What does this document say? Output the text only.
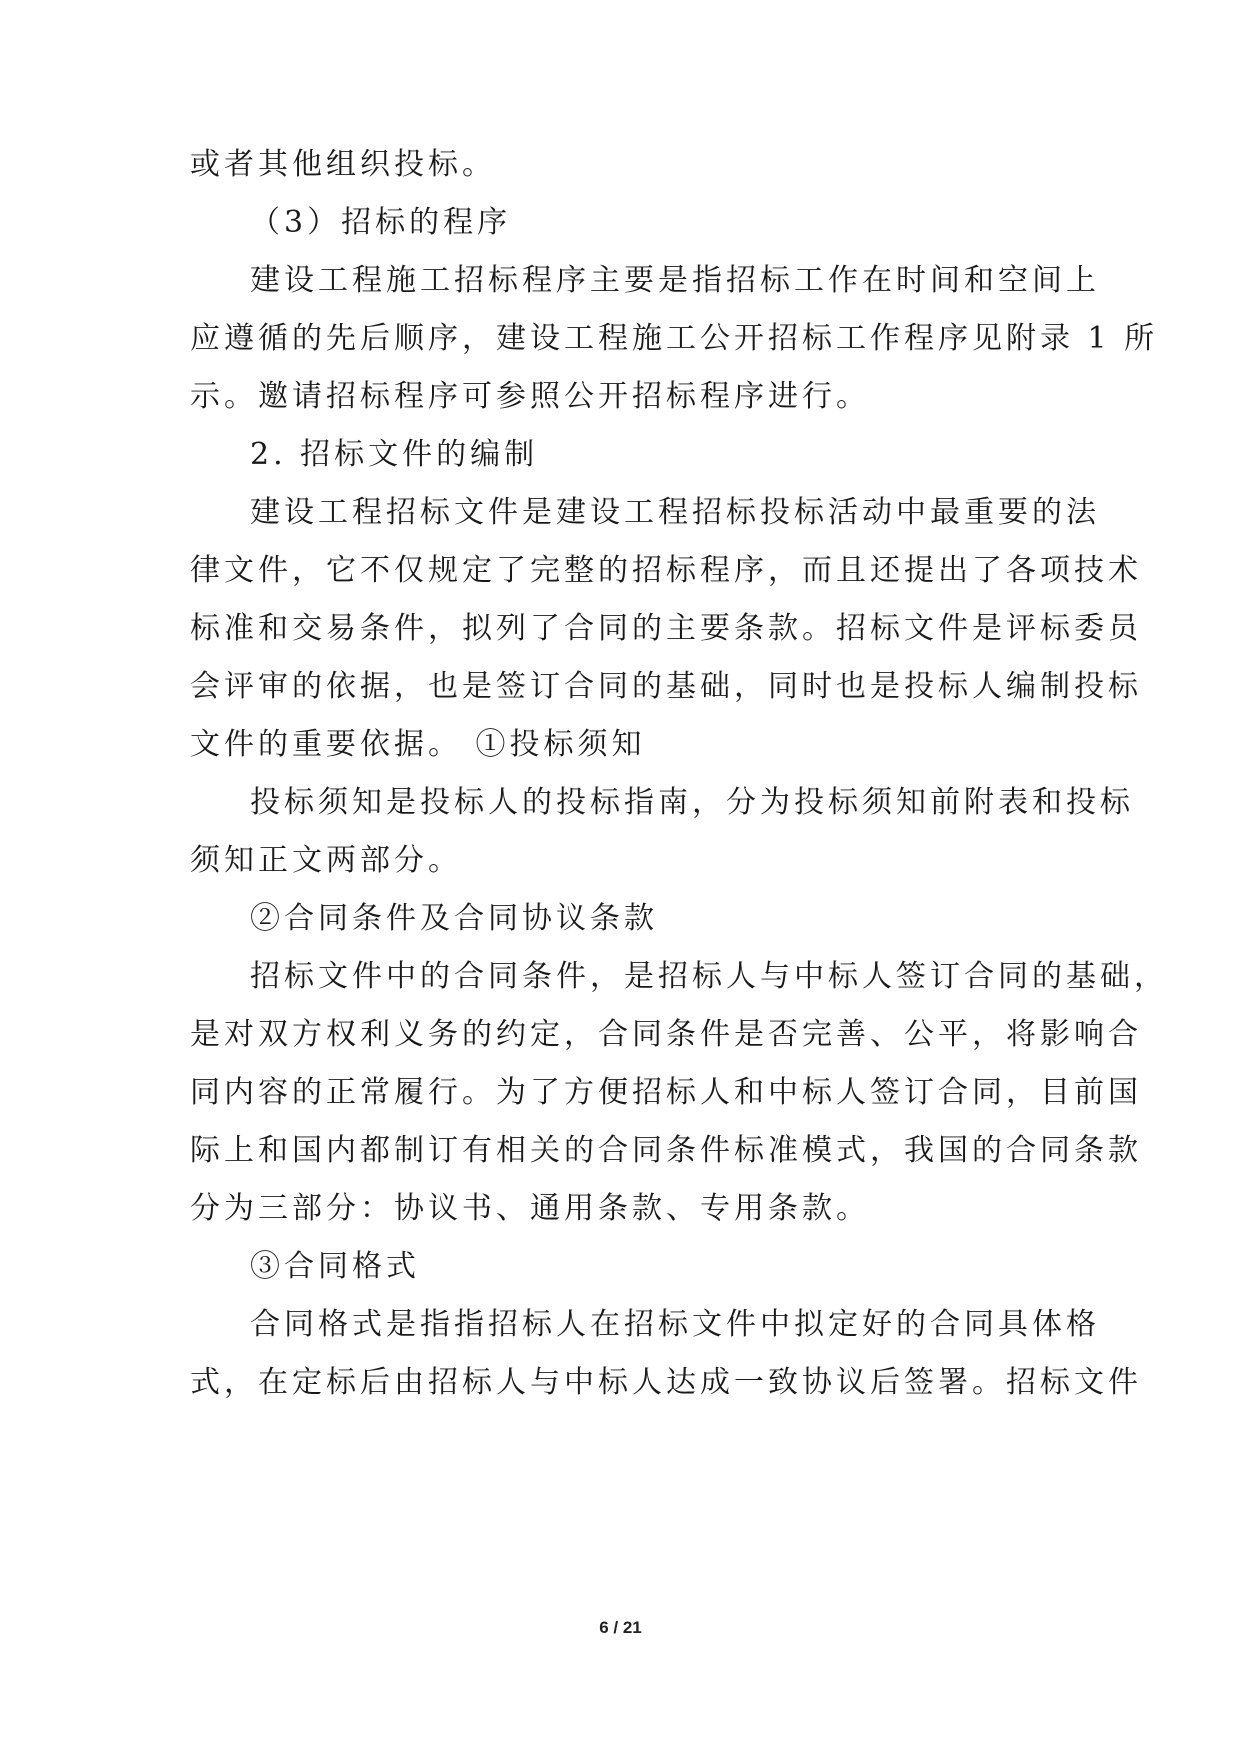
或者其他组织投标。
（3）招标的程序
建设工程施工招标程序主要是指招标工作在时间和空间上
应遵循的先后顺序，建设工程施工公开招标工作程序见附录 1 所
示。邀请招标程序可参照公开招标程序进行。
2. 招标文件的编制
建设工程招标文件是建设工程招标投标活动中最重要的法
律文件，它不仅规定了完整的招标程序，而且还提出了各项技术
标准和交易条件，拟列了合同的主要条款。招标文件是评标委员
会评审的依据，也是签订合同的基础，同时也是投标人编制投标
文件的重要依据。 ①投标须知
投标须知是投标人的投标指南，分为投标须知前附表和投标
须知正文两部分。
②合同条件及合同协议条款
招标文件中的合同条件，是招标人与中标人签订合同的基础，
是对双方权利义务的约定，合同条件是否完善、公平，将影响合
同内容的正常履行。为了方便招标人和中标人签订合同，目前国
际上和国内都制订有相关的合同条件标准模式，我国的合同条款
分为三部分：协议书、通用条款、专用条款。
③合同格式
合同格式是指指招标人在招标文件中拟定好的合同具体格
式，在定标后由招标人与中标人达成一致协议后签署。招标文件
6 / 21
